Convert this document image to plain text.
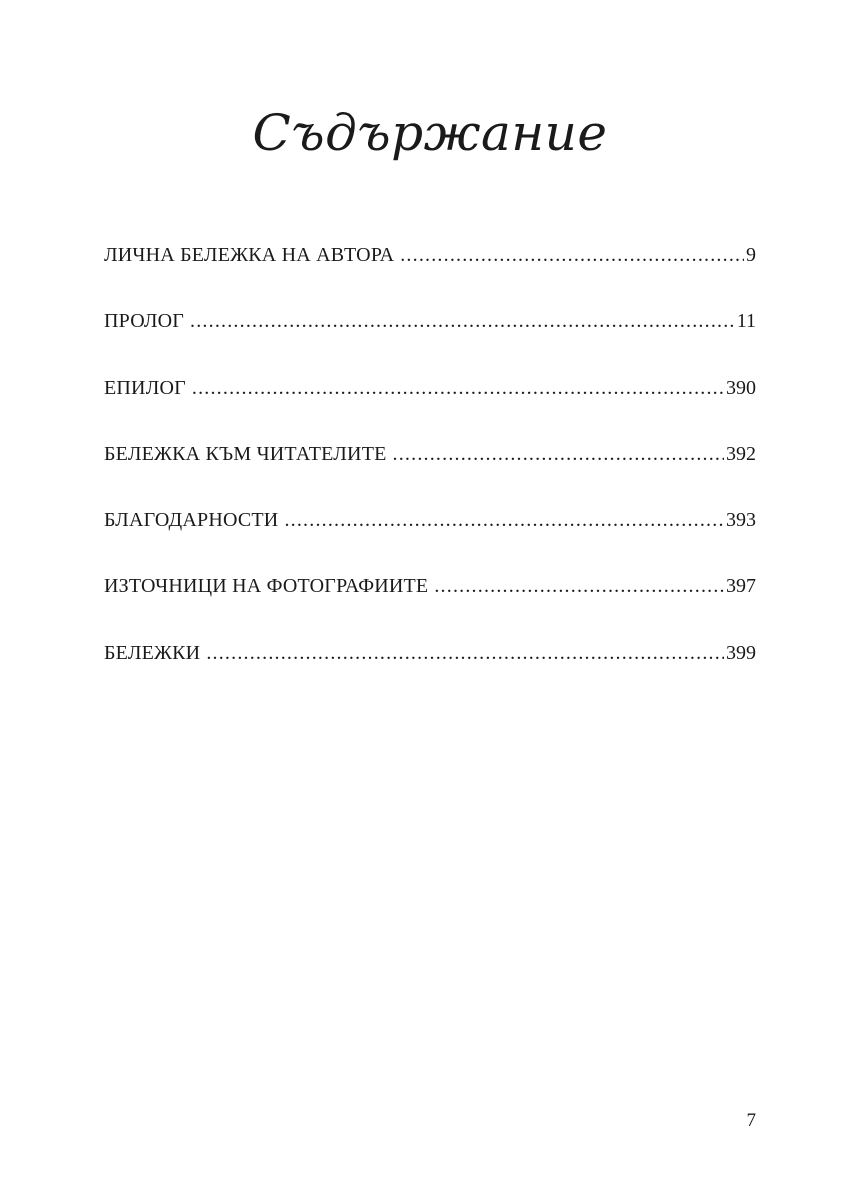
Съдържание
ЛИЧНА БЕЛЕЖКА НА АВТОРА .....	9
ПРОЛОГ .....	11
ЕПИЛОГ .....	390
БЕЛЕЖКА КЪМ ЧИТАТЕЛИТЕ .....	392
БЛАГОДАРНОСТИ .....	393
ИЗТОЧНИЦИ НА ФОТОГРАФИИТЕ .....	397
БЕЛЕЖКИ .....	399
7
